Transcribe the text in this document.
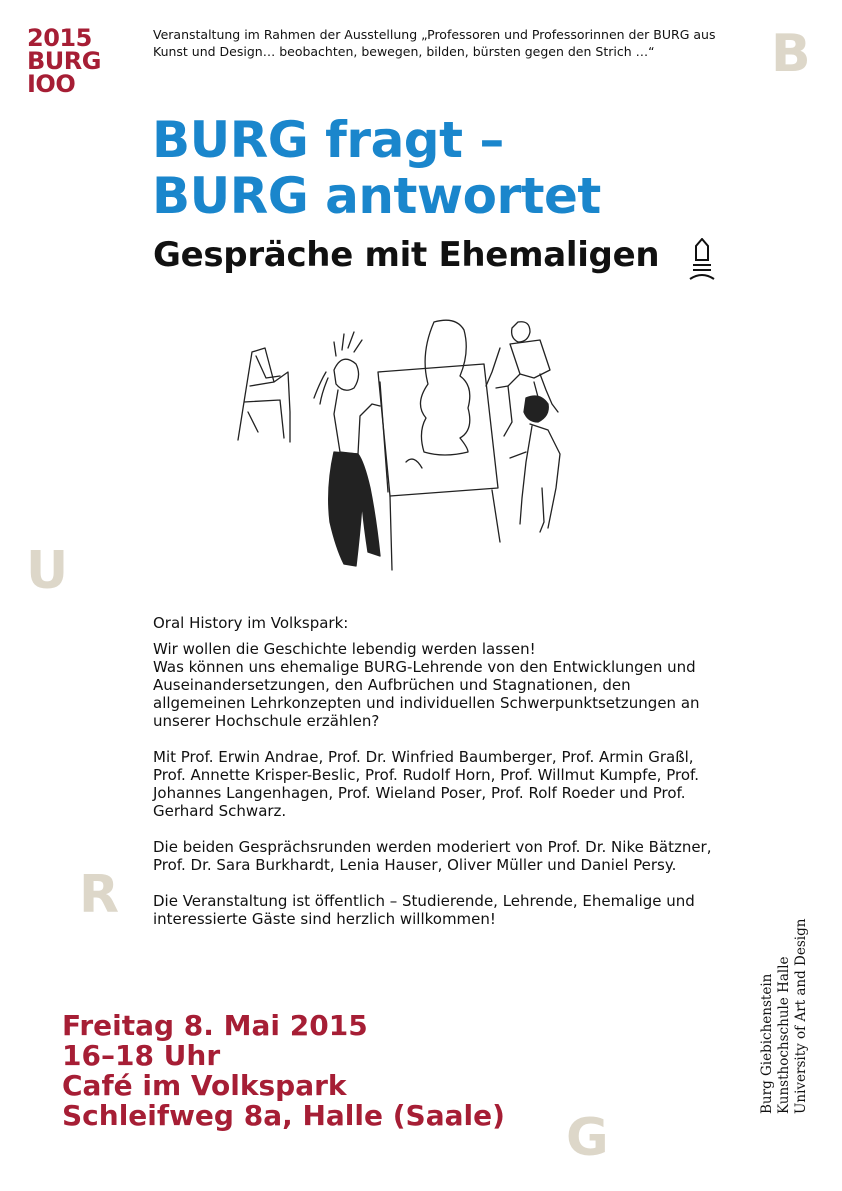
2015
BURG
IOO
Veranstaltung im Rahmen der Ausstellung „Professoren und Professorinnen der BURG aus Kunst und Design… beobachten, bewegen, bilden, bürsten gegen den Strich …“	B
U
R
G
BURG fragt –
BURG antwortet
Gespräche mit Ehemaligen

Oral History im Volkspark:

Wir wollen die Geschichte lebendig werden lassen!

Was können uns ehemalige BURG-Lehrende von den Entwicklungen und Auseinandersetzungen, den Aufbrüchen und Stagnationen, den allgemeinen Lehrkonzepten und individuellen Schwerpunktsetzungen an unserer Hochschule erzählen?

Mit Prof. Erwin Andrae, Prof. Dr. Winfried Baumberger, Prof. Armin Graßl, Prof. Annette Krisper-Beslic, Prof. Rudolf Horn, Prof. Willmut Kumpfe, Prof. Johannes Langenhagen, Prof. Wieland Poser, Prof. Rolf Roeder und Prof. Gerhard Schwarz.

Die beiden Gesprächsrunden werden moderiert von Prof. Dr. Nike Bätzner, Prof. Dr. Sara Burkhardt, Lenia Hauser, Oliver Müller und Daniel Persy.

Die Veranstaltung ist öffentlich – Studierende, Lehrende, Ehemalige und interessierte Gäste sind herzlich willkommen!

Freitag 8. Mai 2015
16–18 Uhr
Café im Volkspark
Schleifweg 8a, Halle (Saale)
Burg Giebichenstein Kunsthochschule Halle University of Art and Design
